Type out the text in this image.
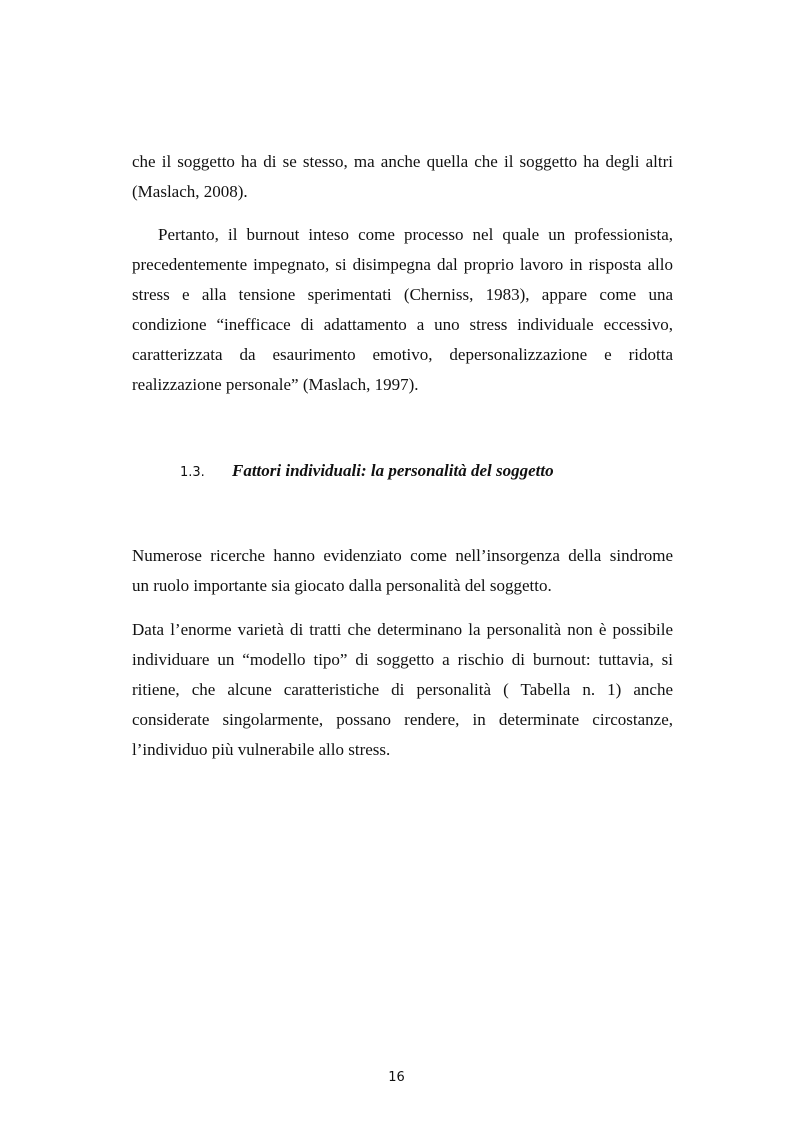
che il soggetto ha di se stesso, ma anche quella che il soggetto ha degli altri
(Maslach, 2008).
Pertanto, il burnout inteso come processo nel quale un professionista,
precedentemente impegnato, si disimpegna dal proprio lavoro in risposta allo
stress e alla tensione sperimentati (Cherniss, 1983), appare come una
condizione “inefficace di adattamento a uno stress individuale eccessivo,
caratterizzata da esaurimento emotivo, depersonalizzazione e ridotta
realizzazione personale” (Maslach, 1997).
1.3. Fattori individuali: la personalità del soggetto
Numerose ricerche hanno evidenziato come nell’insorgenza della sindrome
un ruolo importante sia giocato dalla personalità del soggetto.
Data l’enorme varietà di tratti che determinano la personalità non è possibile
individuare un “modello tipo” di soggetto a rischio di burnout: tuttavia, si
ritiene, che alcune caratteristiche di personalità ( Tabella n. 1) anche
considerate singolarmente, possano rendere, in determinate circostanze,
l’individuo più vulnerabile allo stress.
16
